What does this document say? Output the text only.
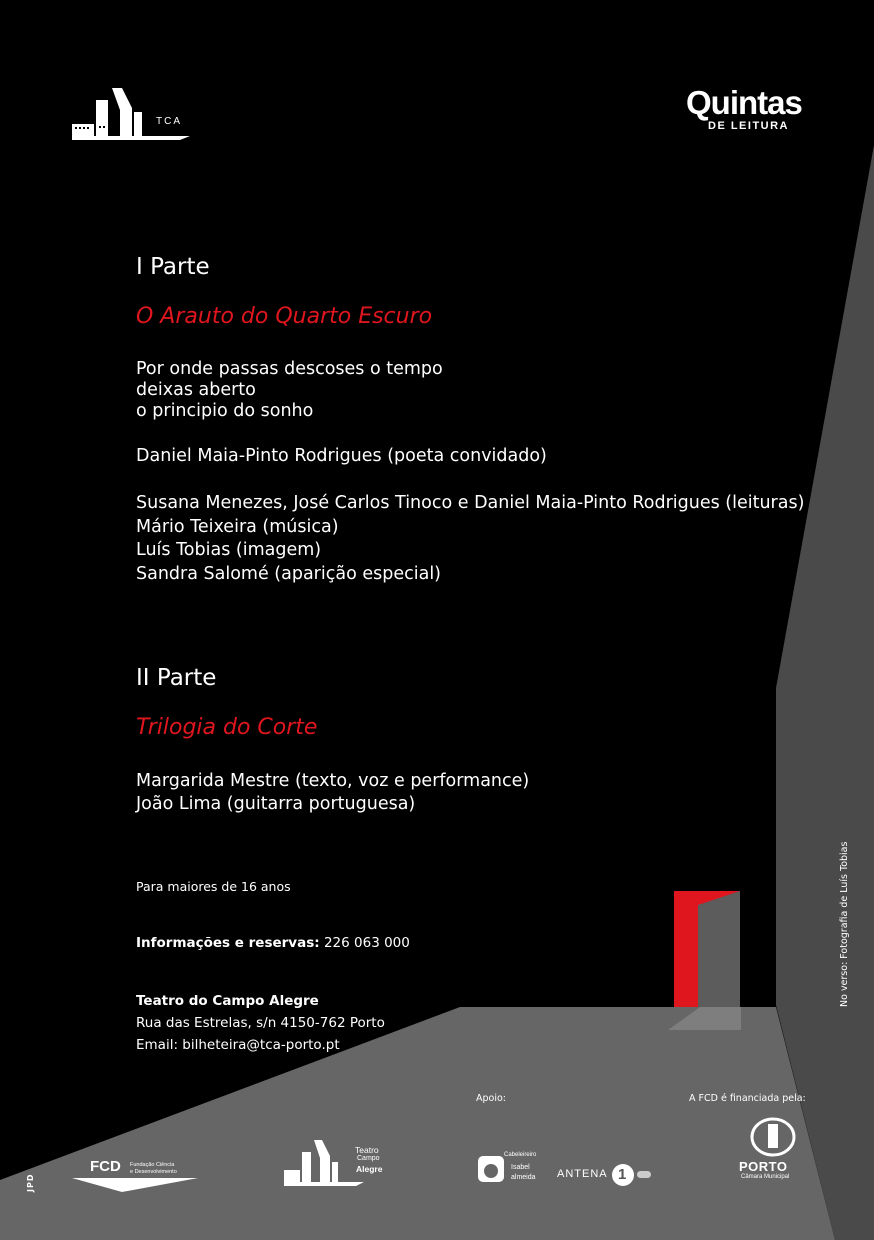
TCA
Quintas
DE LEITURA
I Parte
O Arauto do Quarto Escuro
Por onde passas descoses o tempo
deixas aberto
o principio do sonho
Daniel Maia-Pinto Rodrigues (poeta convidado)
Susana Menezes, José Carlos Tinoco e Daniel Maia-Pinto Rodrigues (leituras)
Mário Teixeira (música)
Luís Tobias (imagem)
Sandra Salomé (aparição especial)
II Parte
Trilogia do Corte
Margarida Mestre (texto, voz e performance)
João Lima (guitarra portuguesa)
Para maiores de 16 anos
Informações e reservas: 226 063 000
Teatro do Campo Alegre
Rua das Estrelas, s/n 4150-762 Porto
Email: bilheteira@tca-porto.pt
No verso: Fotografia de Luís Tobias
Apoio:	A FCD é financiada pela:
JPD
FCD Fundação Ciência
e Desenvolvimento
Teatro
Campo
Alegre
Cabeleireiro
Isabel
almeida ANTENA 1	PORTO
Câmara Municipal
